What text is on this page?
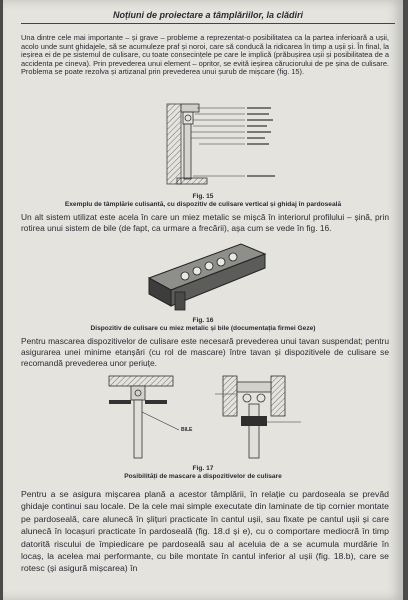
Noțiuni de proiectare a tâmplăriilor, la clădiri

Una dintre cele mai importante – și grave – probleme a reprezentat-o posibilitatea ca la partea inferioară a ușii, acolo unde sunt ghidajele, să se acumuleze praf și noroi, care să conducă la ridicarea în timp a ușii și. În final, la ieșirea ei de pe sistemul de culisare, cu toate consecințele pe care le implică (prăbușirea ușii și posibilitatea de a accidenta pe cineva). Prin prevederea unui element – opritor, se evită ieșirea căruciorului de pe șina de culisare. Problema se poate rezolva și artizanal prin prevederea unui șurub de mișcare (fig. 15).

Fig. 15

Exemplu de tâmplărie culisantă, cu dispozitiv de culisare vertical și ghidaj în pardoseală

Un alt sistem utilizat este acela în care un miez metalic se mișcă în interiorul profilului – șină, prin rotirea unui sistem de bile (de fapt, ca urmare a frecării), așa cum se vede în fig. 16.

Fig. 16

Dispozitiv de culisare cu miez metalic și bile (documentația firmei Geze)

Pentru mascarea dispozitivelor de culisare este necesară prevederea unui tavan suspendat; pentru asigurarea unei minime etanșări (cu rol de mascare) între tavan și dispozitivele de culisare se recomandă prevederea unor periuțe.

BILE

Fig. 17

Posibilități de mascare a dispozitivelor de culisare

Pentru a se asigura mișcarea plană a acestor tâmplării, în relație cu pardoseala se prevăd ghidaje continui sau locale. De la cele mai simple executate din laminate de tip cornier montate pe pardoseală, care alunecă în șlițuri practicate în cantul ușii, sau fixate pe cantul ușii și care alunecă în locașuri practicate în pardoseală (fig. 18.d și e), cu o comportare mediocră în timp datorită riscului de împiedicare pe pardoseală sau al aceluia de a se acumula murdărie în locaș, la acelea mai performante, cu bile montate în cantul inferior al ușii (fig. 18.b), care se rotesc (și asigură mișcarea) în
